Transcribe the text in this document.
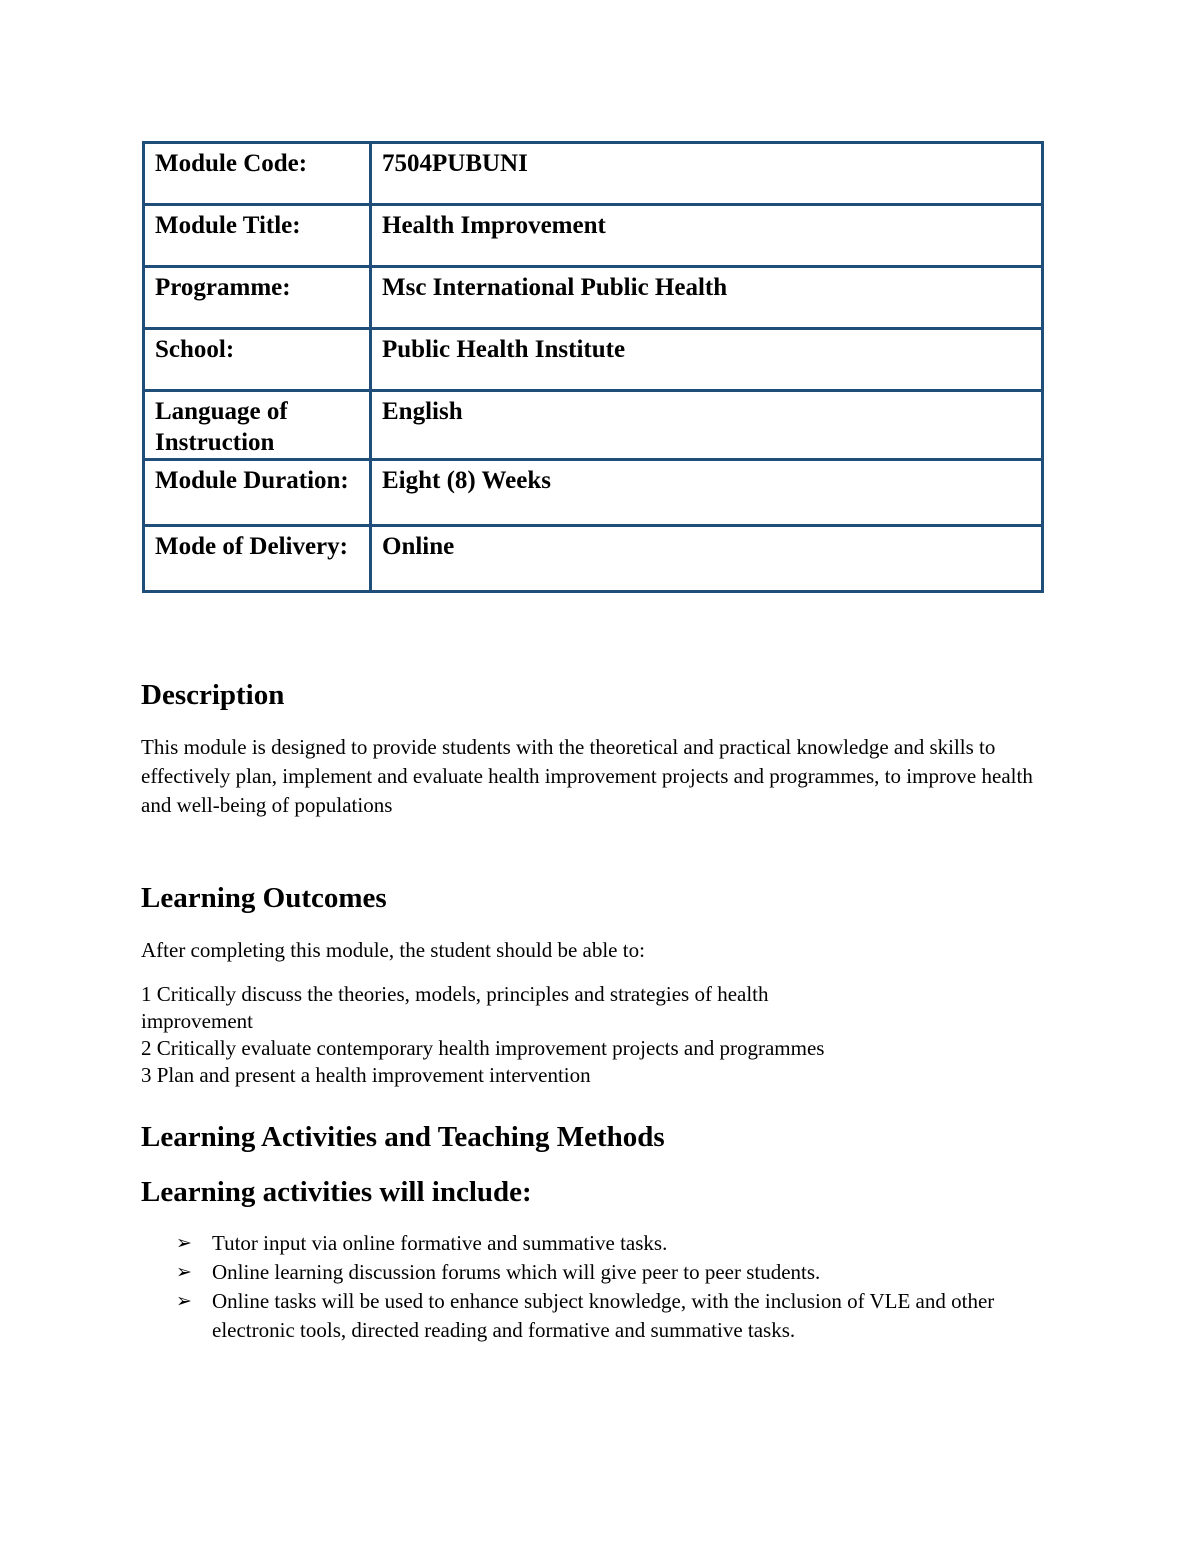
Module Code:	7504PUBUNI
Module Title:	Health Improvement
Programme:	Msc International Public Health
School:	Public Health Institute
Language of Instruction	English
Module Duration:	Eight (8) Weeks
Mode of Delivery:	Online
Description

This module is designed to provide students with the theoretical and practical knowledge and skills to effectively plan, implement and evaluate health improvement projects and programmes, to improve health and well-being of populations

Learning Outcomes

After completing this module, the student should be able to:

1 Critically discuss the theories, models, principles and strategies of health improvement
2 Critically evaluate contemporary health improvement projects and programmes
3 Plan and present a health improvement intervention
Learning Activities and Teaching Methods
Learning activities will include:
➢ Tutor input via online formative and summative tasks.
➢ Online learning discussion forums which will give peer to peer students.
➢ Online tasks will be used to enhance subject knowledge, with the inclusion of VLE and other electronic tools, directed reading and formative and summative tasks.
